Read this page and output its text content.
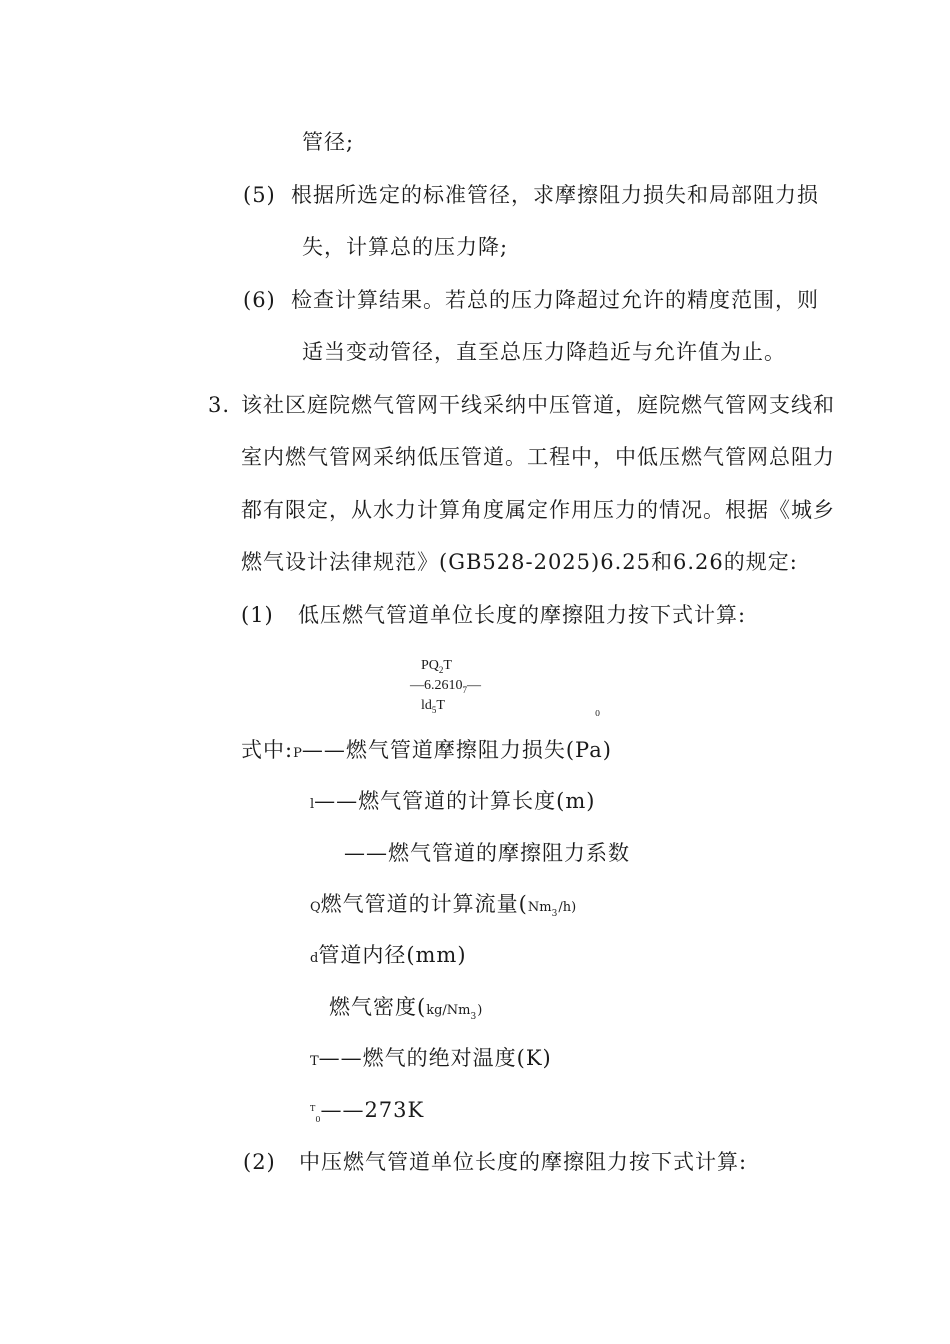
管径;
(5) 根据所选定的标准管径，求摩擦阻力损失和局部阻力损
失，计算总的压力降;
(6) 检查计算结果。若总的压力降超过允许的精度范围，则
适当变动管径，直至总压力降趋近与允许值为止。
3. 该社区庭院燃气管网干线采纳中压管道，庭院燃气管网支线和
室内燃气管网采纳低压管道。工程中，中低压燃气管网总阻力
都有限定，从水力计算角度属定作用压力的情况。根据《城乡
燃气设计法律规范》(GB528-2025)6.25和6.26的规定:
(1) 低压燃气管道单位长度的摩擦阻力按下式计算:
$PQ_2T$
$—6.2610_7—$
$ld_5T$
0
式中:P——燃气管道摩擦阻力损失(Pa)
l——燃气管道的计算长度(m)
——燃气管道的摩擦阻力系数
Q燃气管道的计算流量$(Nm_3/h)$
d管道内径(mm)
燃气密度$(kg/Nm_3)$
T——燃气的绝对温度(K)
$^T_0$——273K
(2) 中压燃气管道单位长度的摩擦阻力按下式计算:
